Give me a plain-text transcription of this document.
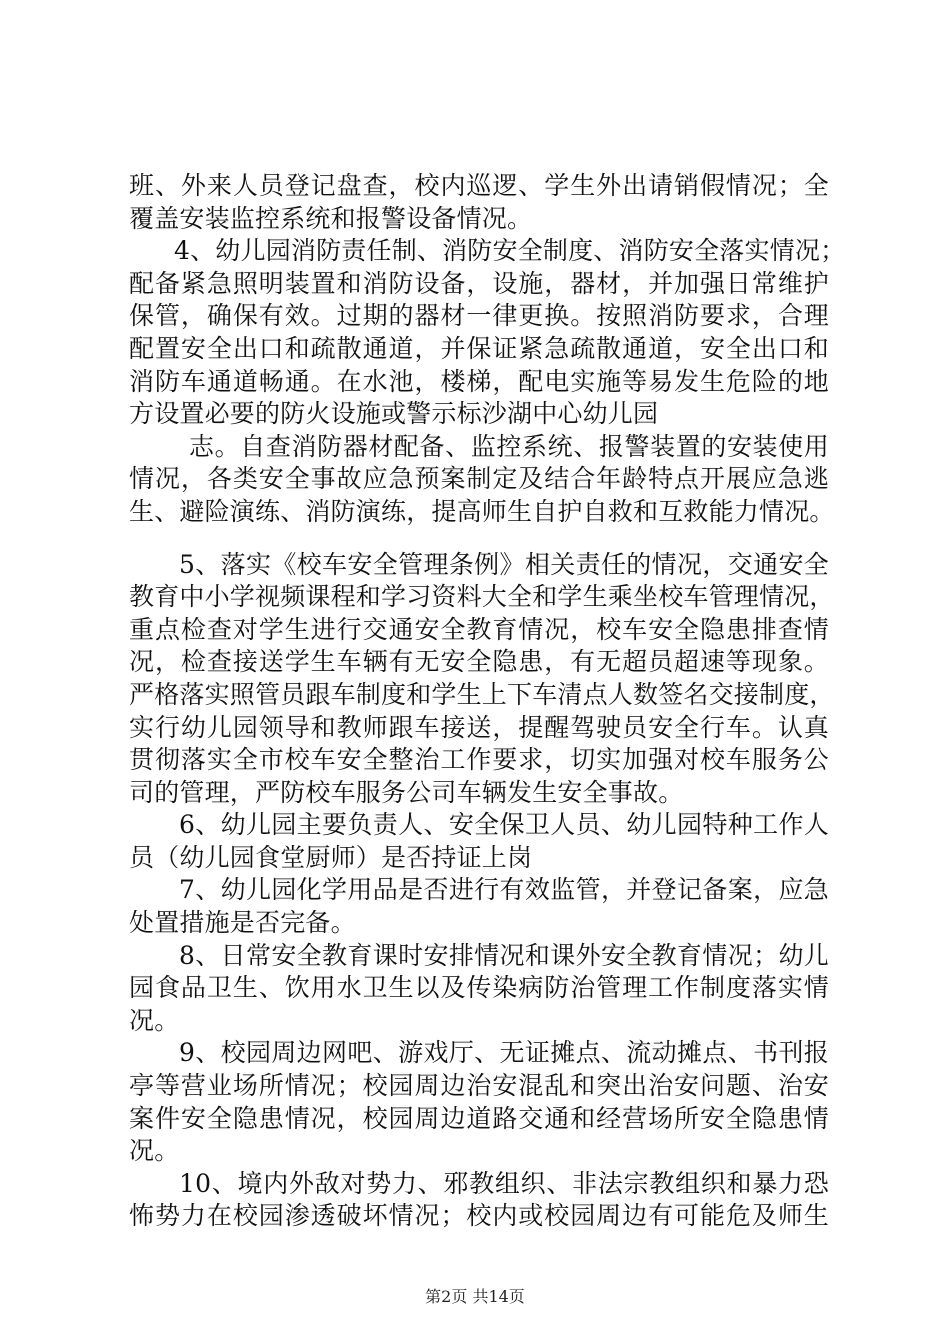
班、外来人员登记盘查，校内巡逻、学生外出请销假情况；全

覆盖安装监控系统和报警设备情况。

4、幼儿园消防责任制、消防安全制度、消防安全落实情况；

配备紧急照明装置和消防设备，设施，器材，并加强日常维护

保管，确保有效。过期的器材一律更换。按照消防要求，合理

配置安全出口和疏散通道，并保证紧急疏散通道，安全出口和

消防车通道畅通。在水池，楼梯，配电实施等易发生危险的地

方设置必要的防火设施或警示标沙湖中心幼儿园

志。自查消防器材配备、监控系统、报警装置的安装使用

情况，各类安全事故应急预案制定及结合年龄特点开展应急逃

生、避险演练、消防演练，提高师生自护自救和互救能力情况。

5、落实《校车安全管理条例》相关责任的情况，交通安全

教育中小学视频课程和学习资料大全和学生乘坐校车管理情况，

重点检查对学生进行交通安全教育情况，校车安全隐患排查情

况，检查接送学生车辆有无安全隐患，有无超员超速等现象。

严格落实照管员跟车制度和学生上下车清点人数签名交接制度，

实行幼儿园领导和教师跟车接送，提醒驾驶员安全行车。认真

贯彻落实全市校车安全整治工作要求，切实加强对校车服务公

司的管理，严防校车服务公司车辆发生安全事故。

6、幼儿园主要负责人、安全保卫人员、幼儿园特种工作人

员（幼儿园食堂厨师）是否持证上岗

7、幼儿园化学用品是否进行有效监管，并登记备案，应急

处置措施是否完备。

8、日常安全教育课时安排情况和课外安全教育情况；幼儿

园食品卫生、饮用水卫生以及传染病防治管理工作制度落实情

况。

9、校园周边网吧、游戏厅、无证摊点、流动摊点、书刊报

亭等营业场所情况；校园周边治安混乱和突出治安问题、治安

案件安全隐患情况，校园周边道路交通和经营场所安全隐患情

况。

10、境内外敌对势力、邪教组织、非法宗教组织和暴力恐

怖势力在校园渗透破坏情况；校内或校园周边有可能危及师生

第2页 共14页
